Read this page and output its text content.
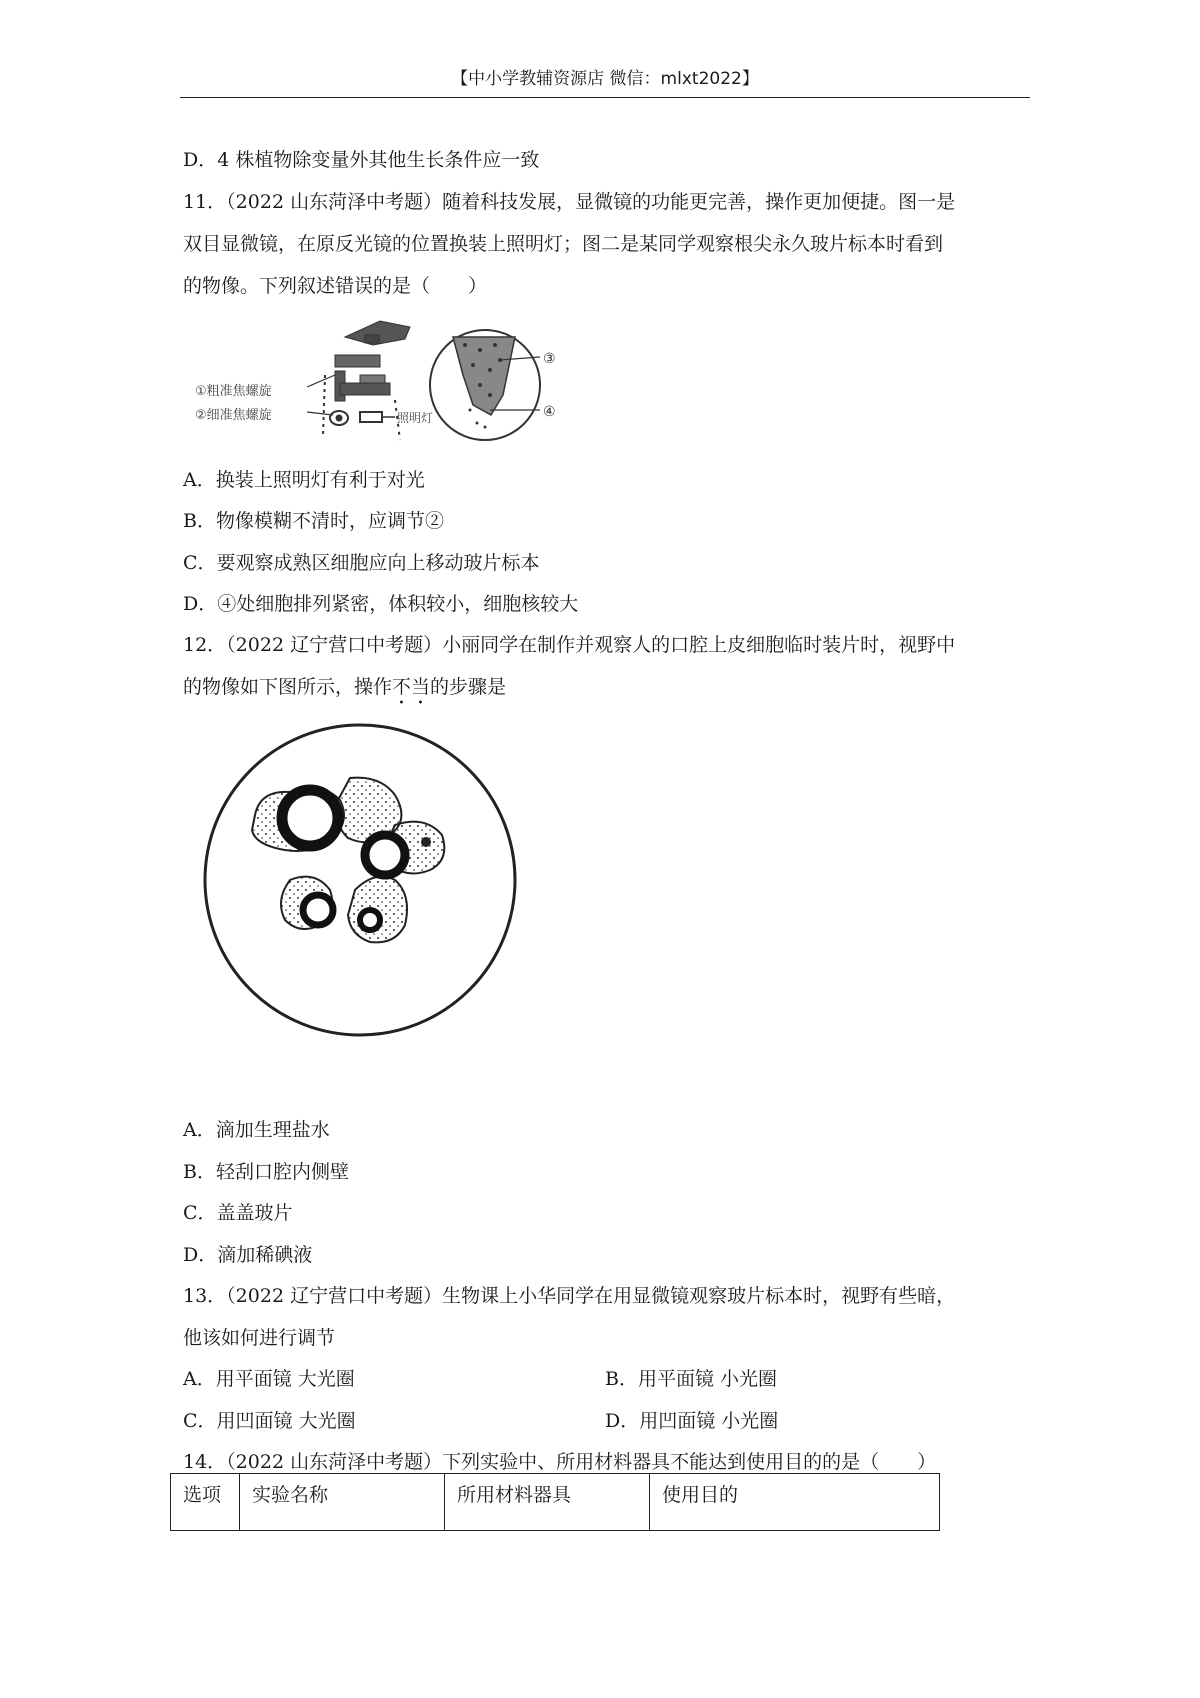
【中小学教辅资源店 微信：mlxt2022】
D．4 株植物除变量外其他生长条件应一致
11．（2022 山东菏泽中考题）随着科技发展，显微镜的功能更完善，操作更加便捷。图一是
双目显微镜，在原反光镜的位置换装上照明灯；图二是某同学观察根尖永久玻片标本时看到
的物像。下列叙述错误的是（　　）
①粗准焦螺旋
②细准焦螺旋	照明灯
③
④
A．换装上照明灯有利于对光
B．物像模糊不清时，应调节②
C．要观察成熟区细胞应向上移动玻片标本
D．④处细胞排列紧密，体积较小，细胞核较大
12．（2022 辽宁营口中考题）小丽同学在制作并观察人的口腔上皮细胞临时装片时，视野中
的物像如下图所示，操作不当的步骤是
A．滴加生理盐水
B．轻刮口腔内侧壁
C．盖盖玻片
D．滴加稀碘液
13．（2022 辽宁营口中考题）生物课上小华同学在用显微镜观察玻片标本时，视野有些暗，
他该如何进行调节
A．用平面镜 大光圈	B．用平面镜 小光圈
C．用凹面镜 大光圈	D．用凹面镜 小光圈
14．（2022 山东菏泽中考题）下列实验中、所用材料器具不能达到使用目的的是（　　）
选项	实验名称	所用材料器具	使用目的
